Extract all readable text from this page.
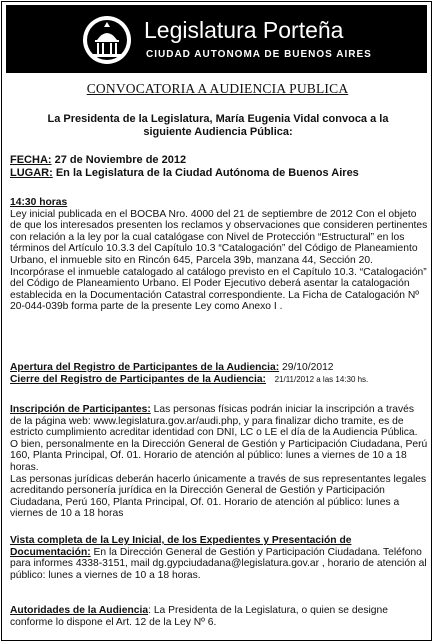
Legislatura Porteña
CIUDAD AUTONOMA DE BUENOS AIRES
CONVOCATORIA A AUDIENCIA PUBLICA
La Presidenta de la Legislatura, María Eugenia Vidal convoca a la siguiente Audiencia Pública:

FECHA: 27 de Noviembre de 2012

LUGAR: En la Legislatura de la Ciudad Autónoma de Buenos Aires

14:30 horas

Ley inicial publicada en el BOCBA Nro. 4000 del 21 de septiembre de 2012 Con el objeto de que los interesados presenten los reclamos y observaciones que consideren pertinentes con relación a la ley por la cual catalógase con Nivel de Protección “Estructural” en los términos del Artículo 10.3.3 del Capítulo 10.3 “Catalogación” del Código de Planeamiento Urbano, el inmueble sito en Rincón 645, Parcela 39b, manzana 44, Sección 20. Incorpórase el inmueble catalogado al catálogo previsto en el Capítulo 10.3. “Catalogación” del Código de Planeamiento Urbano. El Poder Ejecutivo deberá asentar la catalogación establecida en la Documentación Catastral correspondiente. La Ficha de Catalogación Nº 20-044-039b forma parte de la presente Ley como Anexo I .

Apertura del Registro de Participantes de la Audiencia: 29/10/2012

Cierre del Registro de Participantes de la Audiencia: 21/11/2012 a las 14:30 hs.

Inscripción de Participantes: Las personas físicas podrán iniciar la inscripción a través de la página web: www.legislatura.gov.ar/audi.php, y para finalizar dicho tramite, es de estricto cumplimiento acreditar identidad con DNI, LC o LE el día de la Audiencia Pública. O bien, personalmente en la Dirección General de Gestión y Participación Ciudadana, Perú 160, Planta Principal, Of. 01. Horario de atención al público: lunes a viernes de 10 a 18 horas.

Las personas jurídicas deberán hacerlo únicamente a través de sus representantes legales acreditando personería jurídica en la Dirección General de Gestión y Participación Ciudadana, Perú 160, Planta Principal, Of. 01. Horario de atención al público: lunes a viernes de 10 a 18 horas

Vista completa de la Ley Inicial, de los Expedientes y Presentación de Documentación: En la Dirección General de Gestión y Participación Ciudadana. Teléfono para informes 4338-3151, mail dg.gypciudadana@legislatura.gov.ar , horario de atención al público: lunes a viernes de 10 a 18 horas.

Autoridades de la Audiencia: La Presidenta de la Legislatura, o quien se designe conforme lo dispone el Art. 12 de la Ley Nº 6.
